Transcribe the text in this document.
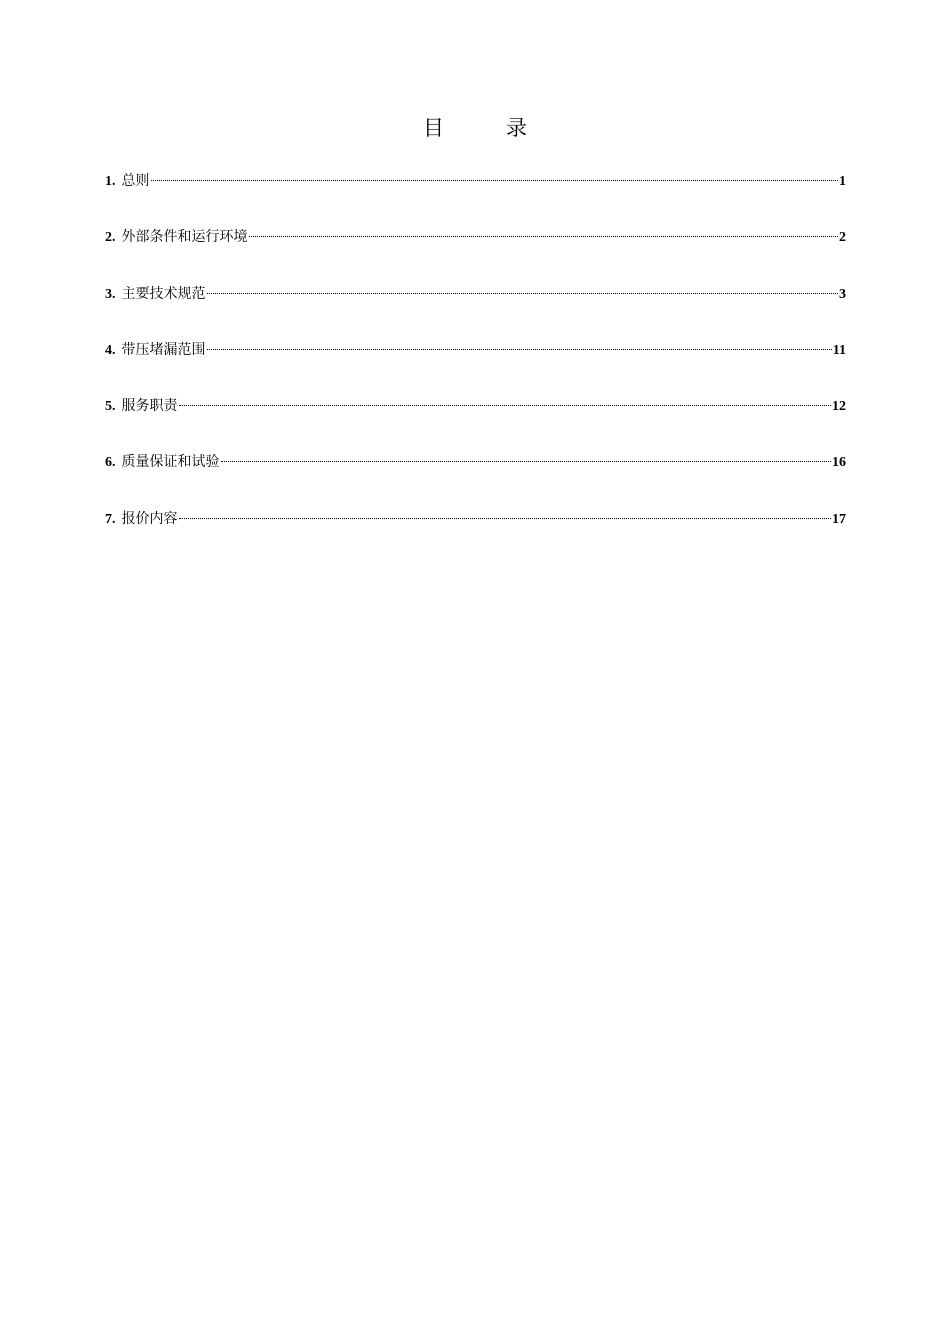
目	录
1. 总则	1
2. 外部条件和运行环境	2
3. 主要技术规范	3
4. 带压堵漏范围	11
5. 服务职责	12
6. 质量保证和试验	16
7. 报价内容	17
